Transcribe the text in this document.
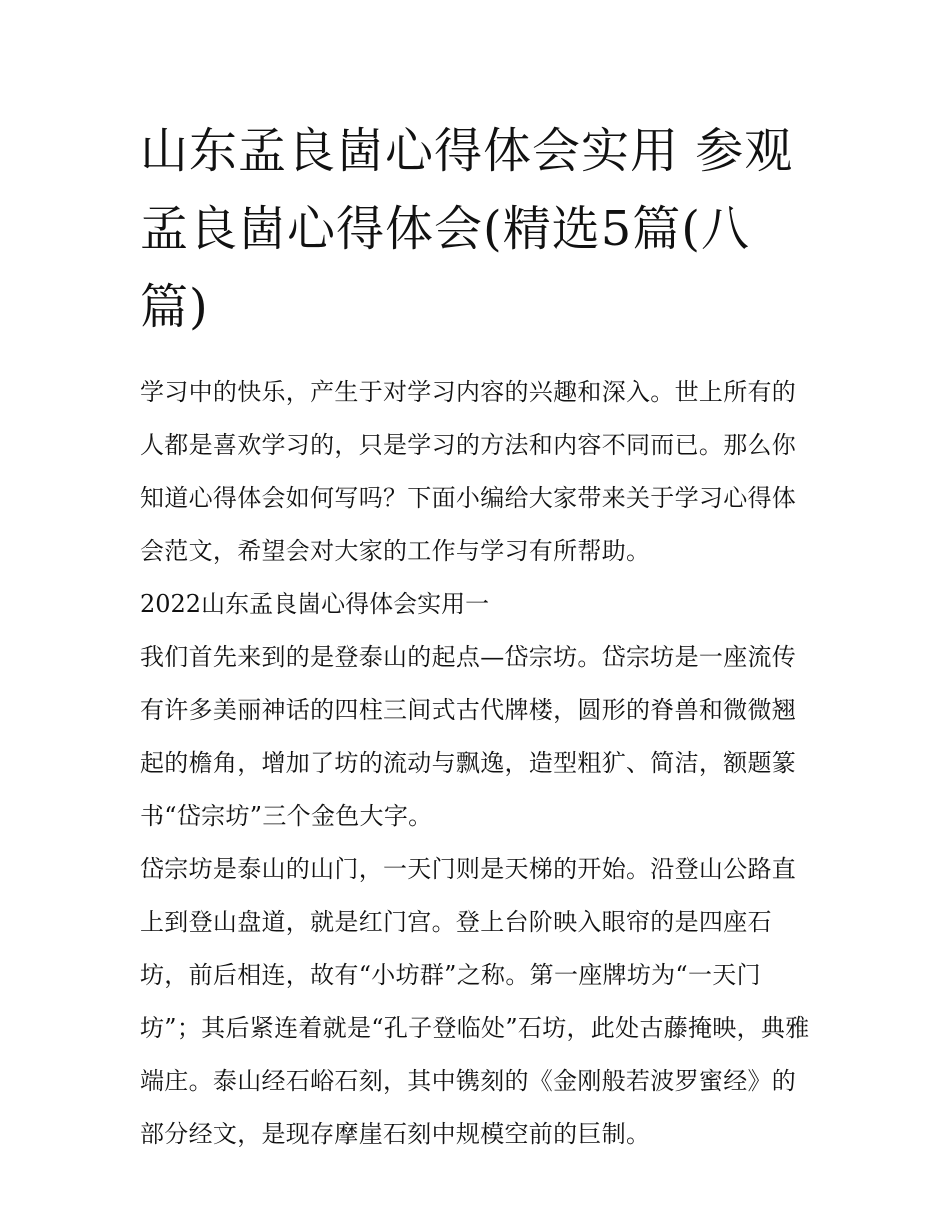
山东孟良崮心得体会实用 参观孟良崮心得体会(精选5篇(八篇)

学习中的快乐，产生于对学习内容的兴趣和深入。世上所有的人都是喜欢学习的，只是学习的方法和内容不同而已。那么你知道心得体会如何写吗？下面小编给大家带来关于学习心得体会范文，希望会对大家的工作与学习有所帮助。

2022山东孟良崮心得体会实用一

我们首先来到的是登泰山的起点—岱宗坊。岱宗坊是一座流传有许多美丽神话的四柱三间式古代牌楼，圆形的脊兽和微微翘起的檐角，增加了坊的流动与飘逸，造型粗犷、简洁，额题篆书“岱宗坊”三个金色大字。

岱宗坊是泰山的山门，一天门则是天梯的开始。沿登山公路直上到登山盘道，就是红门宫。登上台阶映入眼帘的是四座石坊，前后相连，故有“小坊群”之称。第一座牌坊为“一天门坊”；其后紧连着就是“孔子登临处”石坊，此处古藤掩映，典雅端庄。泰山经石峪石刻，其中镌刻的《金刚般若波罗蜜经》的部分经文，是现存摩崖石刻中规模空前的巨制。
